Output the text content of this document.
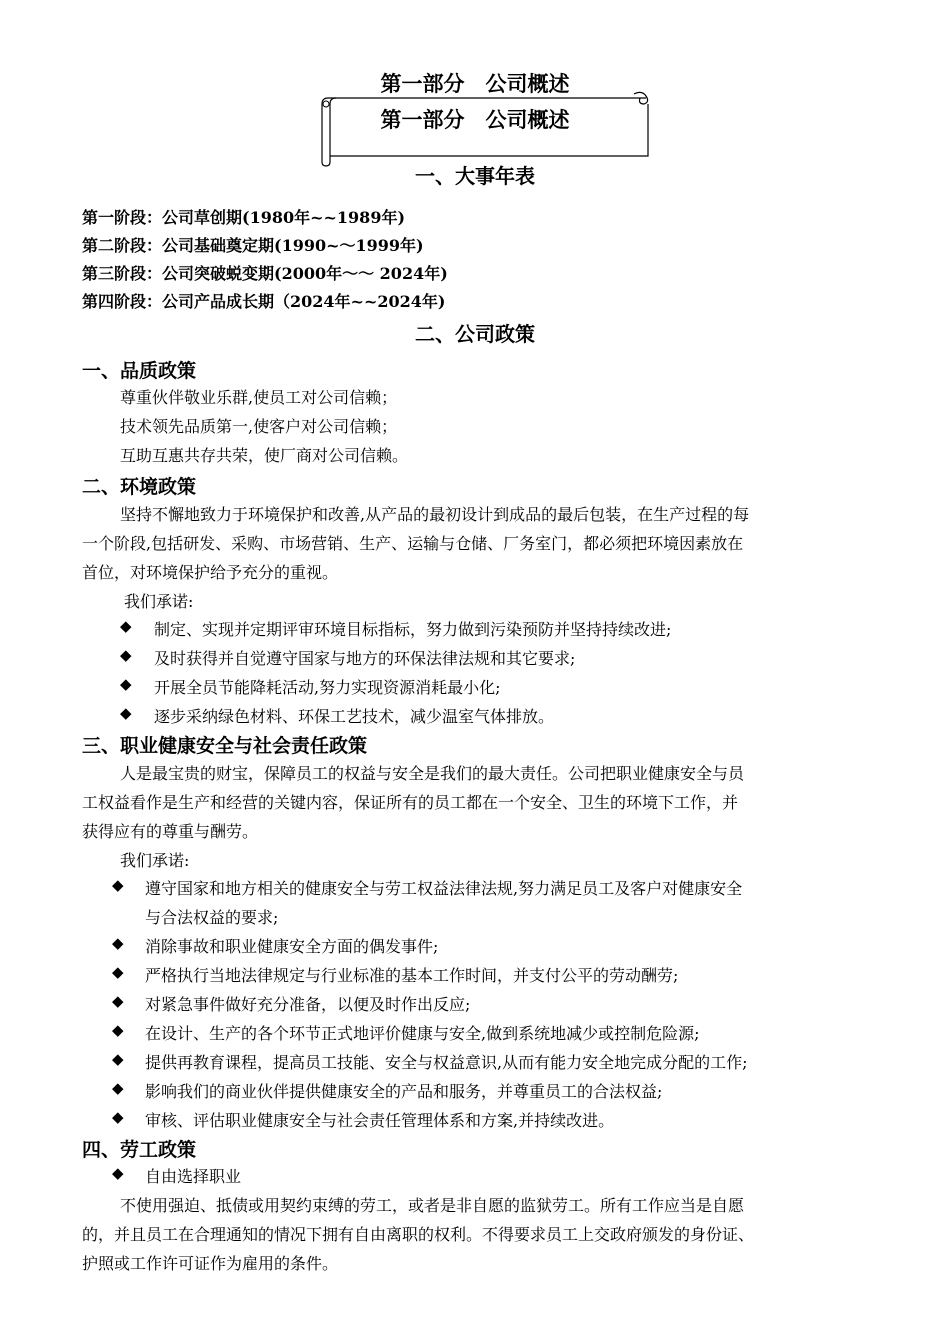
第一部分　公司概述
第一部分　公司概述
一、大事年表
第一阶段：公司草创期(1980年~~1989年)
第二阶段：公司基础奠定期(1990~～1999年)
第三阶段：公司突破蜕变期(2000年～～ 2024年)
第四阶段：公司产品成长期（2024年~~2024年)
二、公司政策
一、品质政策
尊重伙伴敬业乐群,使员工对公司信赖；
技术领先品质第一,使客户对公司信赖；
互助互惠共存共荣，使厂商对公司信赖。
二、环境政策
坚持不懈地致力于环境保护和改善,从产品的最初设计到成品的最后包装，在生产过程的每
一个阶段,包括研发、采购、市场营销、生产、运输与仓储、厂务室门，都必须把环境因素放在
首位，对环境保护给予充分的重视。
我们承诺:
◆ 制定、实现并定期评审环境目标指标，努力做到污染预防并坚持持续改进;
◆ 及时获得并自觉遵守国家与地方的环保法律法规和其它要求;
◆ 开展全员节能降耗活动,努力实现资源消耗最小化;
◆ 逐步采纳绿色材料、环保工艺技术，减少温室气体排放。
三、职业健康安全与社会责任政策
人是最宝贵的财宝，保障员工的权益与安全是我们的最大责任。公司把职业健康安全与员
工权益看作是生产和经营的关键内容，保证所有的员工都在一个安全、卫生的环境下工作，并
获得应有的尊重与酬劳。
我们承诺:
◆ 遵守国家和地方相关的健康安全与劳工权益法律法规,努力满足员工及客户对健康安全
与合法权益的要求;
◆ 消除事故和职业健康安全方面的偶发事件;
◆ 严格执行当地法律规定与行业标准的基本工作时间，并支付公平的劳动酬劳;
◆ 对紧急事件做好充分准备，以便及时作出反应;
◆ 在设计、生产的各个环节正式地评价健康与安全,做到系统地减少或控制危险源;
◆ 提供再教育课程，提高员工技能、安全与权益意识,从而有能力安全地完成分配的工作;
◆ 影响我们的商业伙伴提供健康安全的产品和服务，并尊重员工的合法权益;
◆ 审核、评估职业健康安全与社会责任管理体系和方案,并持续改进。
四、劳工政策
◆ 自由选择职业
不使用强迫、抵债或用契约束缚的劳工，或者是非自愿的监狱劳工。所有工作应当是自愿
的，并且员工在合理通知的情况下拥有自由离职的权利。不得要求员工上交政府颁发的身份证、
护照或工作许可证作为雇用的条件。
